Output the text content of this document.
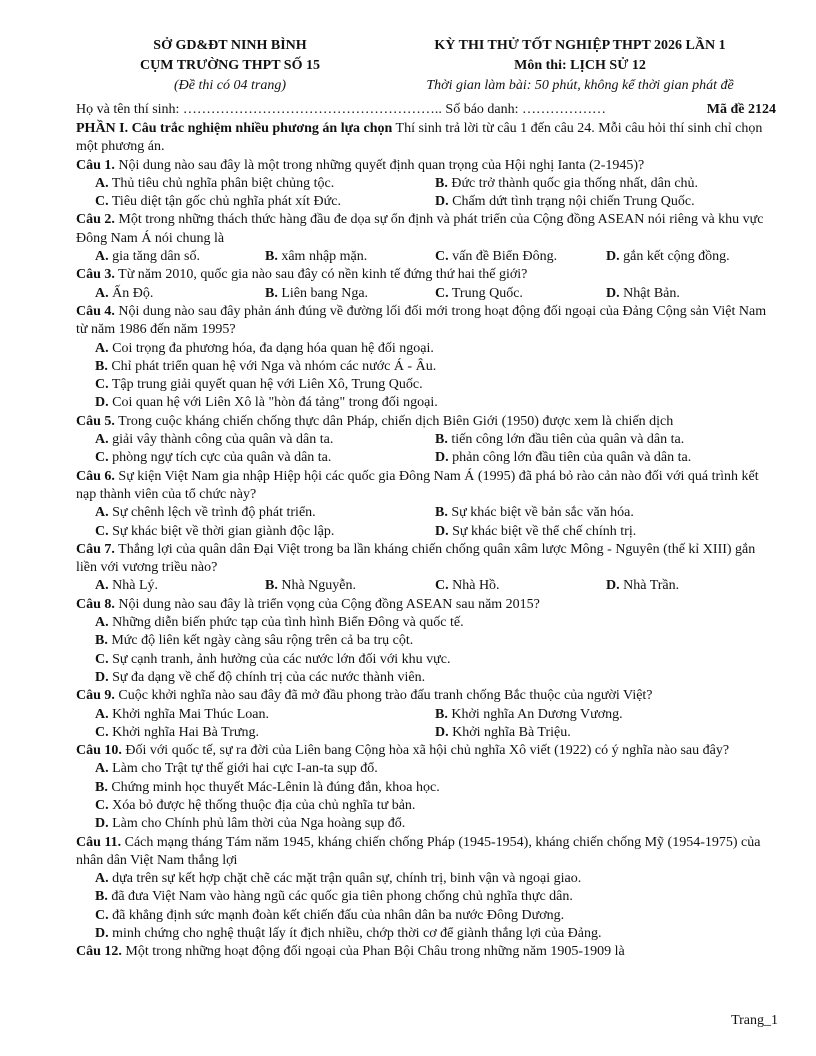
SỞ GD&ĐT NINH BÌNH
CỤM TRƯỜNG THPT SỐ 15
(Đề thi có 04 trang)
KỲ THI THỬ TỐT NGHIỆP THPT 2026 LẦN 1
Môn thi: LỊCH SỬ 12
Thời gian làm bài: 50 phút, không kể thời gian phát đề
Họ và tên thí sinh: ……………………………………………….. Số báo danh: ………………	Mã đề 2124
PHẦN I. Câu trắc nghiệm nhiều phương án lựa chọn Thí sinh trả lời từ câu 1 đến câu 24. Mỗi câu hỏi thí sinh chỉ chọn một phương án.
Câu 1. Nội dung nào sau đây là một trong những quyết định quan trọng của Hội nghị Ianta (2-1945)?
A. Thủ tiêu chủ nghĩa phân biệt chủng tộc.	B. Đức trở thành quốc gia thống nhất, dân chủ.
C. Tiêu diệt tận gốc chủ nghĩa phát xít Đức.	D. Chấm dứt tình trạng nội chiến Trung Quốc.
Câu 2. Một trong những thách thức hàng đầu đe dọa sự ổn định và phát triển của Cộng đồng ASEAN nói riêng và khu vực Đông Nam Á nói chung là
A. gia tăng dân số.	B. xâm nhập mặn.	C. vấn đề Biển Đông.	D. gắn kết cộng đồng.
Câu 3. Từ năm 2010, quốc gia nào sau đây có nền kinh tế đứng thứ hai thế giới?
A. Ấn Độ.	B. Liên bang Nga.	C. Trung Quốc.	D. Nhật Bản.
Câu 4. Nội dung nào sau đây phản ánh đúng về đường lối đối mới trong hoạt động đối ngoại của Đảng Cộng sản Việt Nam từ năm 1986 đến năm 1995?
A. Coi trọng đa phương hóa, đa dạng hóa quan hệ đối ngoại.
B. Chỉ phát triển quan hệ với Nga và nhóm các nước Á - Âu.
C. Tập trung giải quyết quan hệ với Liên Xô, Trung Quốc.
D. Coi quan hệ với Liên Xô là "hòn đá tảng" trong đối ngoại.
Câu 5. Trong cuộc kháng chiến chống thực dân Pháp, chiến dịch Biên Giới (1950) được xem là chiến dịch
A. giải vây thành công của quân và dân ta.	B. tiến công lớn đầu tiên của quân và dân ta.
C. phòng ngự tích cực của quân và dân ta.	D. phản công lớn đầu tiên của quân và dân ta.
Câu 6. Sự kiện Việt Nam gia nhập Hiệp hội các quốc gia Đông Nam Á (1995) đã phá bỏ rào cản nào đối với quá trình kết nạp thành viên của tổ chức này?
A. Sự chênh lệch về trình độ phát triển.	B. Sự khác biệt về bản sắc văn hóa.
C. Sự khác biệt về thời gian giành độc lập.	D. Sự khác biệt về thể chế chính trị.
Câu 7. Thắng lợi của quân dân Đại Việt trong ba lần kháng chiến chống quân xâm lược Mông - Nguyên (thế kỉ XIII) gắn liền với vương triều nào?
A. Nhà Lý.	B. Nhà Nguyễn.	C. Nhà Hồ.	D. Nhà Trần.
Câu 8. Nội dung nào sau đây là triển vọng của Cộng đồng ASEAN sau năm 2015?
A. Những diễn biến phức tạp của tình hình Biển Đông và quốc tế.
B. Mức độ liên kết ngày càng sâu rộng trên cả ba trụ cột.
C. Sự cạnh tranh, ảnh hưởng của các nước lớn đối với khu vực.
D. Sự đa dạng về chế độ chính trị của các nước thành viên.
Câu 9. Cuộc khởi nghĩa nào sau đây đã mở đầu phong trào đấu tranh chống Bắc thuộc của người Việt?
A. Khởi nghĩa Mai Thúc Loan.	B. Khởi nghĩa An Dương Vương.
C. Khởi nghĩa Hai Bà Trưng.	D. Khởi nghĩa Bà Triệu.
Câu 10. Đối với quốc tế, sự ra đời của Liên bang Cộng hòa xã hội chủ nghĩa Xô viết (1922) có ý nghĩa nào sau đây?
A. Làm cho Trật tự thế giới hai cực I-an-ta sụp đổ.
B. Chứng minh học thuyết Mác-Lênin là đúng đắn, khoa học.
C. Xóa bỏ được hệ thống thuộc địa của chủ nghĩa tư bản.
D. Làm cho Chính phủ lâm thời của Nga hoàng sụp đổ.
Câu 11. Cách mạng tháng Tám năm 1945, kháng chiến chống Pháp (1945-1954), kháng chiến chống Mỹ (1954-1975) của nhân dân Việt Nam thắng lợi
A. dựa trên sự kết hợp chặt chẽ các mặt trận quân sự, chính trị, binh vận và ngoại giao.
B. đã đưa Việt Nam vào hàng ngũ các quốc gia tiên phong chống chủ nghĩa thực dân.
C. đã khẳng định sức mạnh đoàn kết chiến đấu của nhân dân ba nước Đông Dương.
D. minh chứng cho nghệ thuật lấy ít địch nhiều, chớp thời cơ để giành thắng lợi của Đảng.
Câu 12. Một trong những hoạt động đối ngoại của Phan Bội Châu trong những năm 1905-1909 là
Trang_1
